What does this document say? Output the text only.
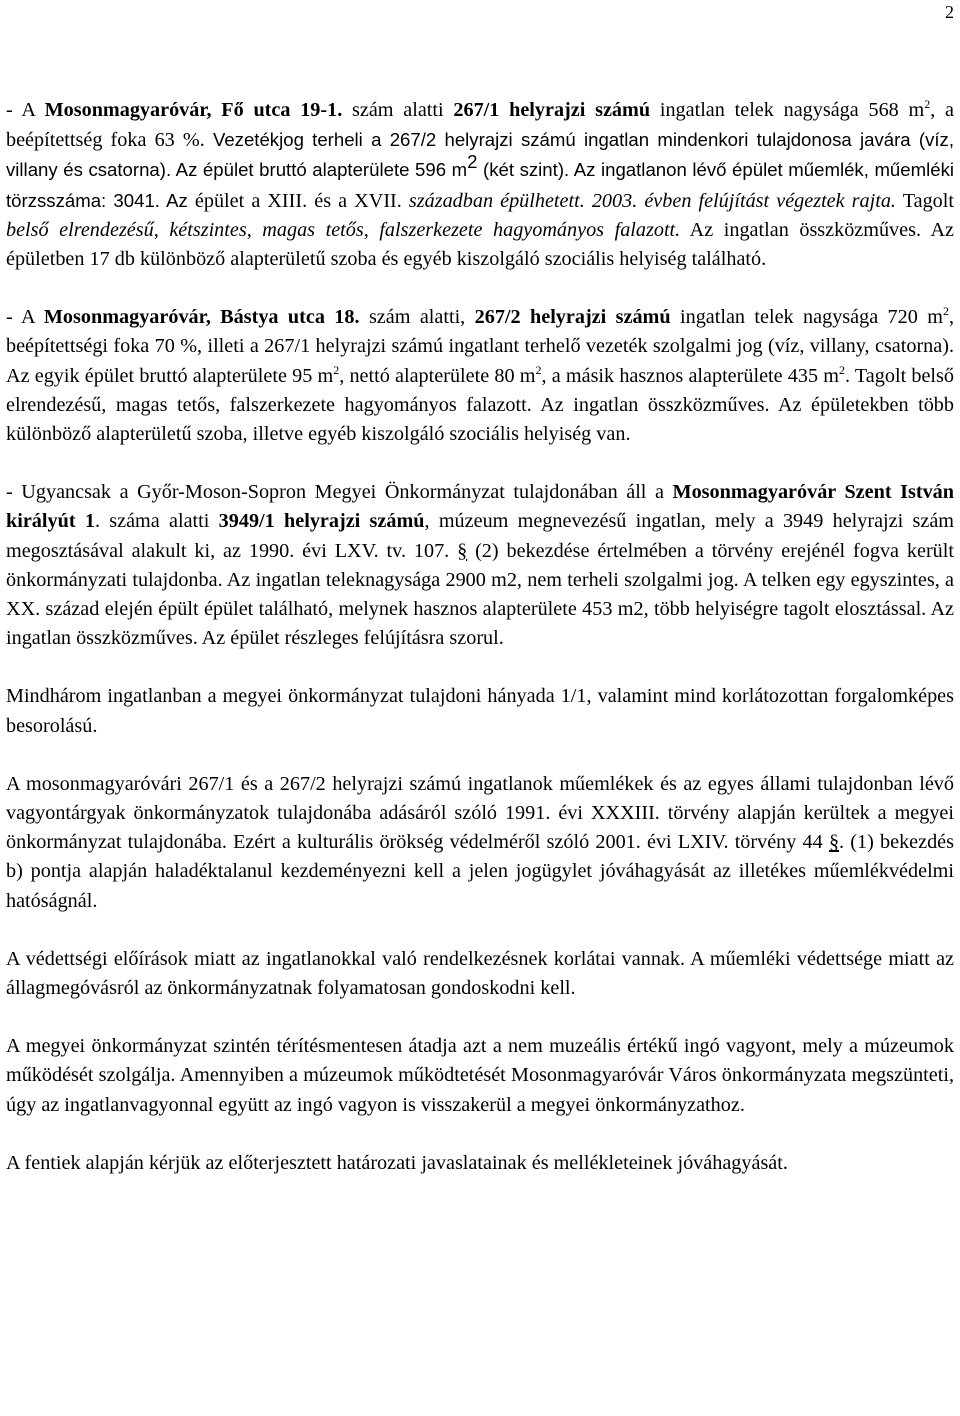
2

- A Mosonmagyaróvár, Fő utca 19-1. szám alatti 267/1 helyrajzi számú ingatlan telek nagysága 568 $m^2$, a beépítettség foka 63 %. Vezetékjog terheli a 267/2 helyrajzi számú ingatlan mindenkori tulajdonosa javára (víz, villany és csatorna). Az épület bruttó alapterülete 596 $m^2$ (két szint). Az ingatlanon lévő épület műemlék, műemléki törzsszáma: 3041. Az épület a XIII. és a XVII. században épülhetett. 2003. évben felújítást végeztek rajta. Tagolt belső elrendezésű, kétszintes, magas tetős, falszerkezete hagyományos falazott. Az ingatlan összközműves. Az épületben 17 db különböző alapterületű szoba és egyéb kiszolgáló szociális helyiség található.

- A Mosonmagyaróvár, Bástya utca 18. szám alatti, 267/2 helyrajzi számú ingatlan telek nagysága 720 $m^2$, beépítettségi foka 70 %, illeti a 267/1 helyrajzi számú ingatlant terhelő vezeték szolgalmi jog (víz, villany, csatorna). Az egyik épület bruttó alapterülete 95 $m^2$, nettó alapterülete 80 $m^2$, a másik hasznos alapterülete 435 $m^2$. Tagolt belső elrendezésű, magas tetős, falszerkezete hagyományos falazott. Az ingatlan összközműves. Az épületekben több különböző alapterületű szoba, illetve egyéb kiszolgáló szociális helyiség van.

- Ugyancsak a Győr-Moson-Sopron Megyei Önkormányzat tulajdonában áll a Mosonmagyaróvár Szent István királyút 1. száma alatti 3949/1 helyrajzi számú, múzeum megnevezésű ingatlan, mely a 3949 helyrajzi szám megosztásával alakult ki, az 1990. évi LXV. tv. 107. § (2) bekezdése értelmében a törvény erejénél fogva került önkormányzati tulajdonba. Az ingatlan teleknagysága 2900 m2, nem terheli szolgalmi jog. A telken egy egyszintes, a XX. század elején épült épület található, melynek hasznos alapterülete 453 m2, több helyiségre tagolt elosztással. Az ingatlan összközműves. Az épület részleges felújításra szorul.

Mindhárom ingatlanban a megyei önkormányzat tulajdoni hányada 1/1, valamint mind korlátozottan forgalomképes besorolású.

A mosonmagyaróvári 267/1 és a 267/2 helyrajzi számú ingatlanok műemlékek és az egyes állami tulajdonban lévő vagyontárgyak önkormányzatok tulajdonába adásáról szóló 1991. évi XXXIII. törvény alapján kerültek a megyei önkormányzat tulajdonába. Ezért a kulturális örökség védelméről szóló 2001. évi LXIV. törvény 44 §. (1) bekezdés b) pontja alapján haladéktalanul kezdeményezni kell a jelen jogügylet jóváhagyását az illetékes műemlékvédelmi hatóságnál.

A védettségi előírások miatt az ingatlanokkal való rendelkezésnek korlátai vannak. A műemléki védettsége miatt az állagmegóvásról az önkormányzatnak folyamatosan gondoskodni kell.

A megyei önkormányzat szintén térítésmentesen átadja azt a nem muzeális értékű ingó vagyont, mely a múzeumok működését szolgálja. Amennyiben a múzeumok működtetését Mosonmagyaróvár Város önkormányzata megszünteti, úgy az ingatlanvagyonnal együtt az ingó vagyon is visszakerül a megyei önkormányzathoz.

A fentiek alapján kérjük az előterjesztett határozati javaslatainak és mellékleteinek jóváhagyását.
